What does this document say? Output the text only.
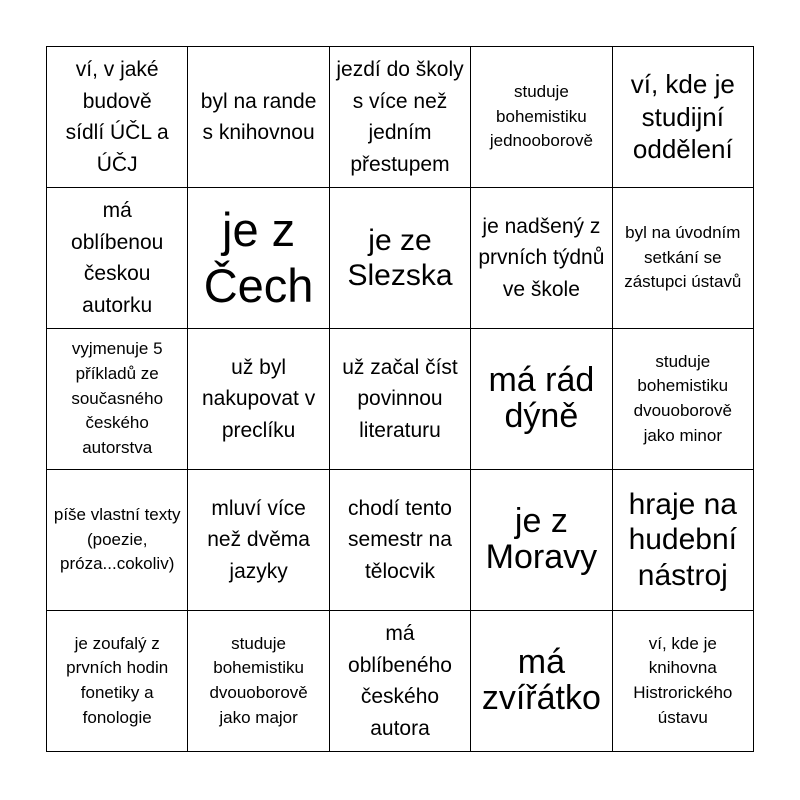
ví, v jaké budově sídlí ÚČL a ÚČJ
byl na rande s knihovnou
jezdí do školy s více než jedním přestupem
studuje bohemistiku jednooborově
ví, kde je studijní oddělení
má oblíbenou českou autorku
je z Čech
je ze Slezska
je nadšený z prvních týdnů ve škole
byl na úvodním setkání se zástupci ústavů
vyjmenuje 5 příkladů ze současného českého autorstva
už byl nakupovat v preclíku
už začal číst povinnou literaturu
má rád dýně
studuje bohemistiku dvouoborově jako minor
píše vlastní texty (poezie, próza...cokoliv)
mluví více než dvěma jazyky
chodí tento semestr na tělocvik
je z Moravy
hraje na hudební nástroj
je zoufalý z prvních hodin fonetiky a fonologie
studuje bohemistiku dvouoborově jako major
má oblíbeného českého autora
má zvířátko
ví, kde je knihovna Histrorického ústavu
